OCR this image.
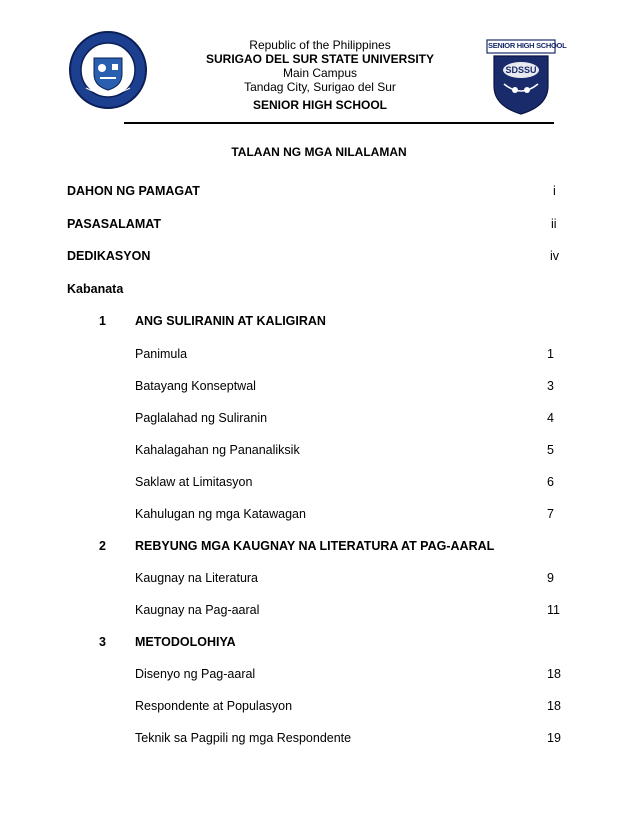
SENIOR HIGH SCHOOL
SDSSU
Republic of the Philippines
SURIGAO DEL SUR STATE UNIVERSITY
Main Campus
Tandag City, Surigao del Sur
SENIOR HIGH SCHOOL
TALAAN NG MGA NILALAMAN
DAHON NG PAMAGAT	i
PASASALAMAT	ii
DEDIKASYON	iv
Kabanata
1 ANG SULIRANIN AT KALIGIRAN
Panimula	1
Batayang Konseptwal	3
Paglalahad ng Suliranin	4
Kahalagahan ng Pananaliksik	5
Saklaw at Limitasyon	6
Kahulugan ng mga Katawagan	7
2 REBYUNG MGA KAUGNAY NA LITERATURA AT PAG-AARAL
Kaugnay na Literatura	9
Kaugnay na Pag-aaral	11
3 METODOLOHIYA
Disenyo ng Pag-aaral	18
Respondente at Populasyon	18
Teknik sa Pagpili ng mga Respondente	19
